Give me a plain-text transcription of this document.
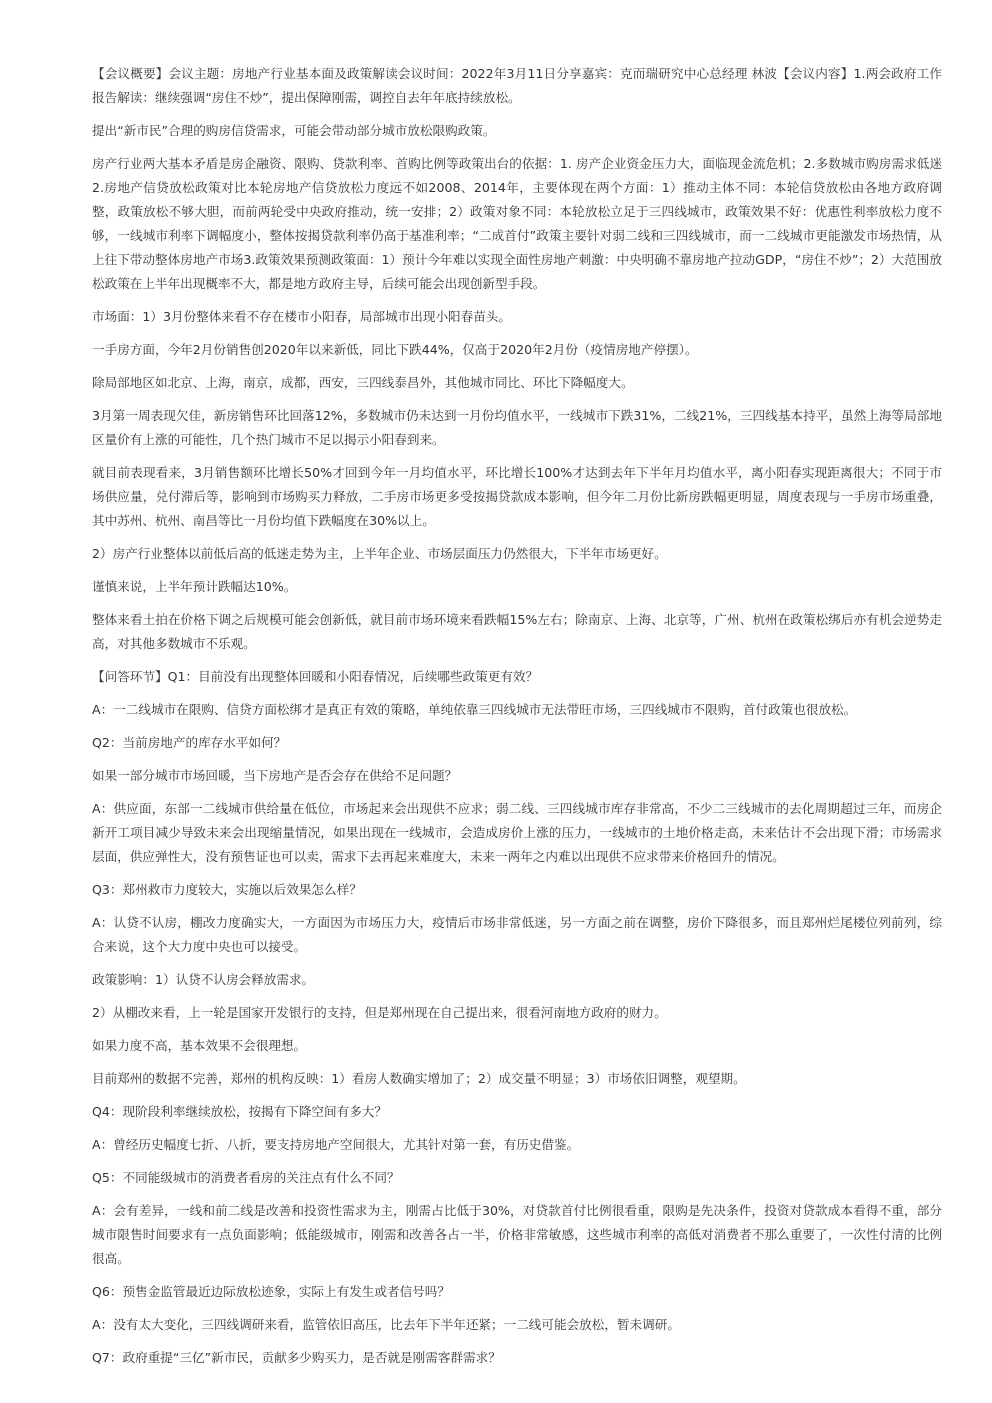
【会议概要】会议主题：房地产行业基本面及政策解读会议时间：2022年3月11日分享嘉宾：克而瑞研究中心总经理 林波【会议内容】1.两会政府工作报告解读：继续强调“房住不炒”，提出保障刚需，调控自去年年底持续放松。

提出“新市民”合理的购房信贷需求，可能会带动部分城市放松限购政策。

房产行业两大基本矛盾是房企融资、限购、贷款利率、首购比例等政策出台的依据：1. 房产企业资金压力大，面临现金流危机；2.多数城市购房需求低迷2.房地产信贷放松政策对比本轮房地产信贷放松力度远不如2008、2014年，主要体现在两个方面：1）推动主体不同：本轮信贷放松由各地方政府调整，政策放松不够大胆，而前两轮受中央政府推动，统一安排；2）政策对象不同：本轮放松立足于三四线城市，政策效果不好：优惠性利率放松力度不够，一线城市利率下调幅度小，整体按揭贷款利率仍高于基准利率；“二成首付”政策主要针对弱二线和三四线城市，而一二线城市更能激发市场热情，从上往下带动整体房地产市场3.政策效果预测政策面：1）预计今年难以实现全面性房地产刺激：中央明确不靠房地产拉动GDP，“房住不炒”；2）大范围放松政策在上半年出现概率不大，都是地方政府主导，后续可能会出现创新型手段。

市场面：1）3月份整体来看不存在楼市小阳春，局部城市出现小阳春苗头。

一手房方面，今年2月份销售创2020年以来新低，同比下跌44%，仅高于2020年2月份（疫情房地产停摆）。

除局部地区如北京、上海，南京，成都，西安，三四线泰昌外，其他城市同比、环比下降幅度大。

3月第一周表现欠佳，新房销售环比回落12%，多数城市仍未达到一月份均值水平，一线城市下跌31%，二线21%，三四线基本持平，虽然上海等局部地区量价有上涨的可能性，几个热门城市不足以揭示小阳春到来。

就目前表现看来，3月销售额环比增长50%才回到今年一月均值水平，环比增长100%才达到去年下半年月均值水平，离小阳春实现距离很大；不同于市场供应量，兑付滞后等，影响到市场购买力释放，二手房市场更多受按揭贷款成本影响，但今年二月份比新房跌幅更明显，周度表现与一手房市场重叠，其中苏州、杭州、南昌等比一月份均值下跌幅度在30%以上。

2）房产行业整体以前低后高的低迷走势为主，上半年企业、市场层面压力仍然很大，下半年市场更好。

谨慎来说，上半年预计跌幅达10%。

整体来看土拍在价格下调之后规模可能会创新低，就目前市场环境来看跌幅15%左右；除南京、上海、北京等，广州、杭州在政策松绑后亦有机会逆势走高，对其他多数城市不乐观。

【问答环节】Q1：目前没有出现整体回暖和小阳春情况，后续哪些政策更有效？

A：一二线城市在限购、信贷方面松绑才是真正有效的策略，单纯依靠三四线城市无法带旺市场，三四线城市不限购，首付政策也很放松。

Q2：当前房地产的库存水平如何？

如果一部分城市市场回暖，当下房地产是否会存在供给不足问题？

A：供应面，东部一二线城市供给量在低位，市场起来会出现供不应求；弱二线、三四线城市库存非常高，不少二三线城市的去化周期超过三年，而房企新开工项目减少导致未来会出现缩量情况，如果出现在一线城市，会造成房价上涨的压力，一线城市的土地价格走高，未来估计不会出现下滑；市场需求层面，供应弹性大，没有预售证也可以卖，需求下去再起来难度大，未来一两年之内难以出现供不应求带来价格回升的情况。

Q3：郑州救市力度较大，实施以后效果怎么样？

A：认贷不认房，棚改力度确实大，一方面因为市场压力大，疫情后市场非常低迷，另一方面之前在调整，房价下降很多，而且郑州烂尾楼位列前列，综合来说，这个大力度中央也可以接受。

政策影响：1）认贷不认房会释放需求。

2）从棚改来看，上一轮是国家开发银行的支持，但是郑州现在自己提出来，很看河南地方政府的财力。

如果力度不高，基本效果不会很理想。

目前郑州的数据不完善，郑州的机构反映：1）看房人数确实增加了；2）成交量不明显；3）市场依旧调整，观望期。

Q4：现阶段利率继续放松，按揭有下降空间有多大？

A：曾经历史幅度七折、八折，要支持房地产空间很大，尤其针对第一套，有历史借鉴。

Q5：不同能级城市的消费者看房的关注点有什么不同？

A：会有差异，一线和前二线是改善和投资性需求为主，刚需占比低于30%，对贷款首付比例很看重，限购是先决条件，投资对贷款成本看得不重，部分城市限售时间要求有一点负面影响；低能级城市，刚需和改善各占一半，价格非常敏感，这些城市利率的高低对消费者不那么重要了，一次性付清的比例很高。

Q6：预售金监管最近边际放松迹象，实际上有发生或者信号吗？

A：没有太大变化，三四线调研来看，监管依旧高压，比去年下半年还紧；一二线可能会放松，暂未调研。

Q7：政府重提“三亿”新市民，贡献多少购买力，是否就是刚需客群需求？
